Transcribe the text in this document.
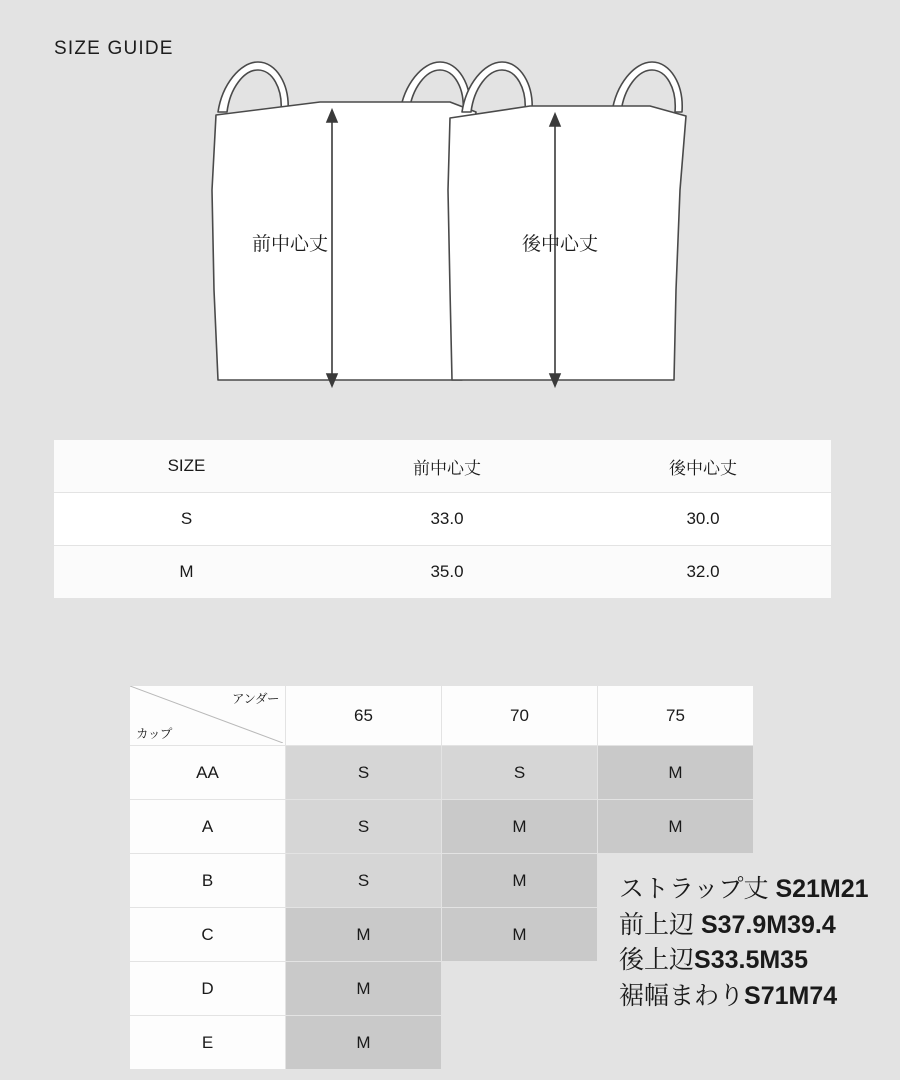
SIZE GUIDE
前中心丈	後中心丈
SIZE	前中心丈	後中心丈
S	33.0	30.0
M	35.0	32.0
アンダー
カップ	65	70	75
AA	S	S	M
A	S	M	M
B	S	M	
C	M	M	
D	M		
E	M		
ストラップ丈 S21M21
前上辺 S37.9M39.4
後上辺S33.5M35
裾幅まわりS71M74
